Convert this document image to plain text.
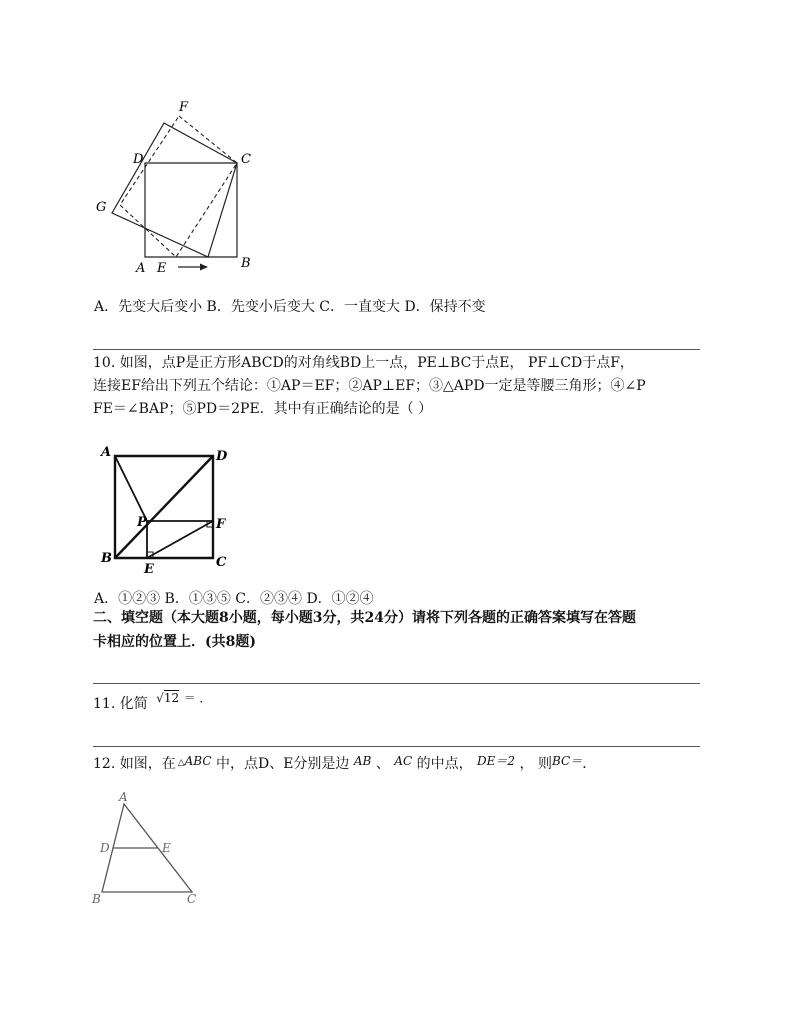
F
D	C
G
A E	B
A．先变大后变小 B．先变小后变大 C．一直变大 D．保持不变
10. 如图，点P是正方形ABCD的对角线BD上一点，PE⊥BC于点E， PF⊥CD于点F，
连接EF给出下列五个结论：①AP＝EF；②AP⊥EF；③△APD一定是等腰三角形；④∠P
FE＝∠BAP；⑤PD＝2PE．其中有正确结论的是（ ）
A	D
P	F
B
E	C
A．①②③ B．①③⑤ C．②③④ D．①②④
二、填空题（本大题8小题，每小题3分，共24分）请将下列各题的正确答案填写在答题
卡相应的位置上．(共8题)
11. 化简 √12 ＝ ．
12. 如图，在 △ABC 中，点D、E分别是边 AB 、 AC 的中点， DE＝2 ， 则BC＝．
A
D	E
B	C
